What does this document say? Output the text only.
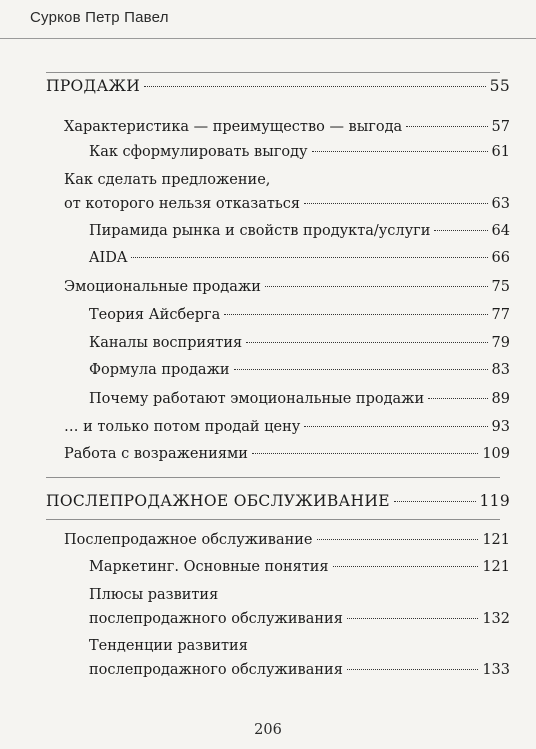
Сурков Петр Павел
ПРОДАЖИ	55
Характеристика — преимущество — выгода	57
Как сформулировать выгоду	61
Как сделать предложение,
от которого нельзя отказаться	63
Пирамида рынка и свойств продукта/услуги	64
AIDA	66
Эмоциональные продажи	75
Теория Айсберга	77
Каналы восприятия	79
Формула продажи	83
Почему работают эмоциональные продажи	89
… и только потом продай цену	93
Работа с возражениями	109
ПОСЛЕПРОДАЖНОЕ ОБСЛУЖИВАНИЕ	119
Послепродажное обслуживание	121
Маркетинг. Основные понятия	121
Плюсы развития
послепродажного обслуживания	132
Тенденции развития
послепродажного обслуживания	133
206
